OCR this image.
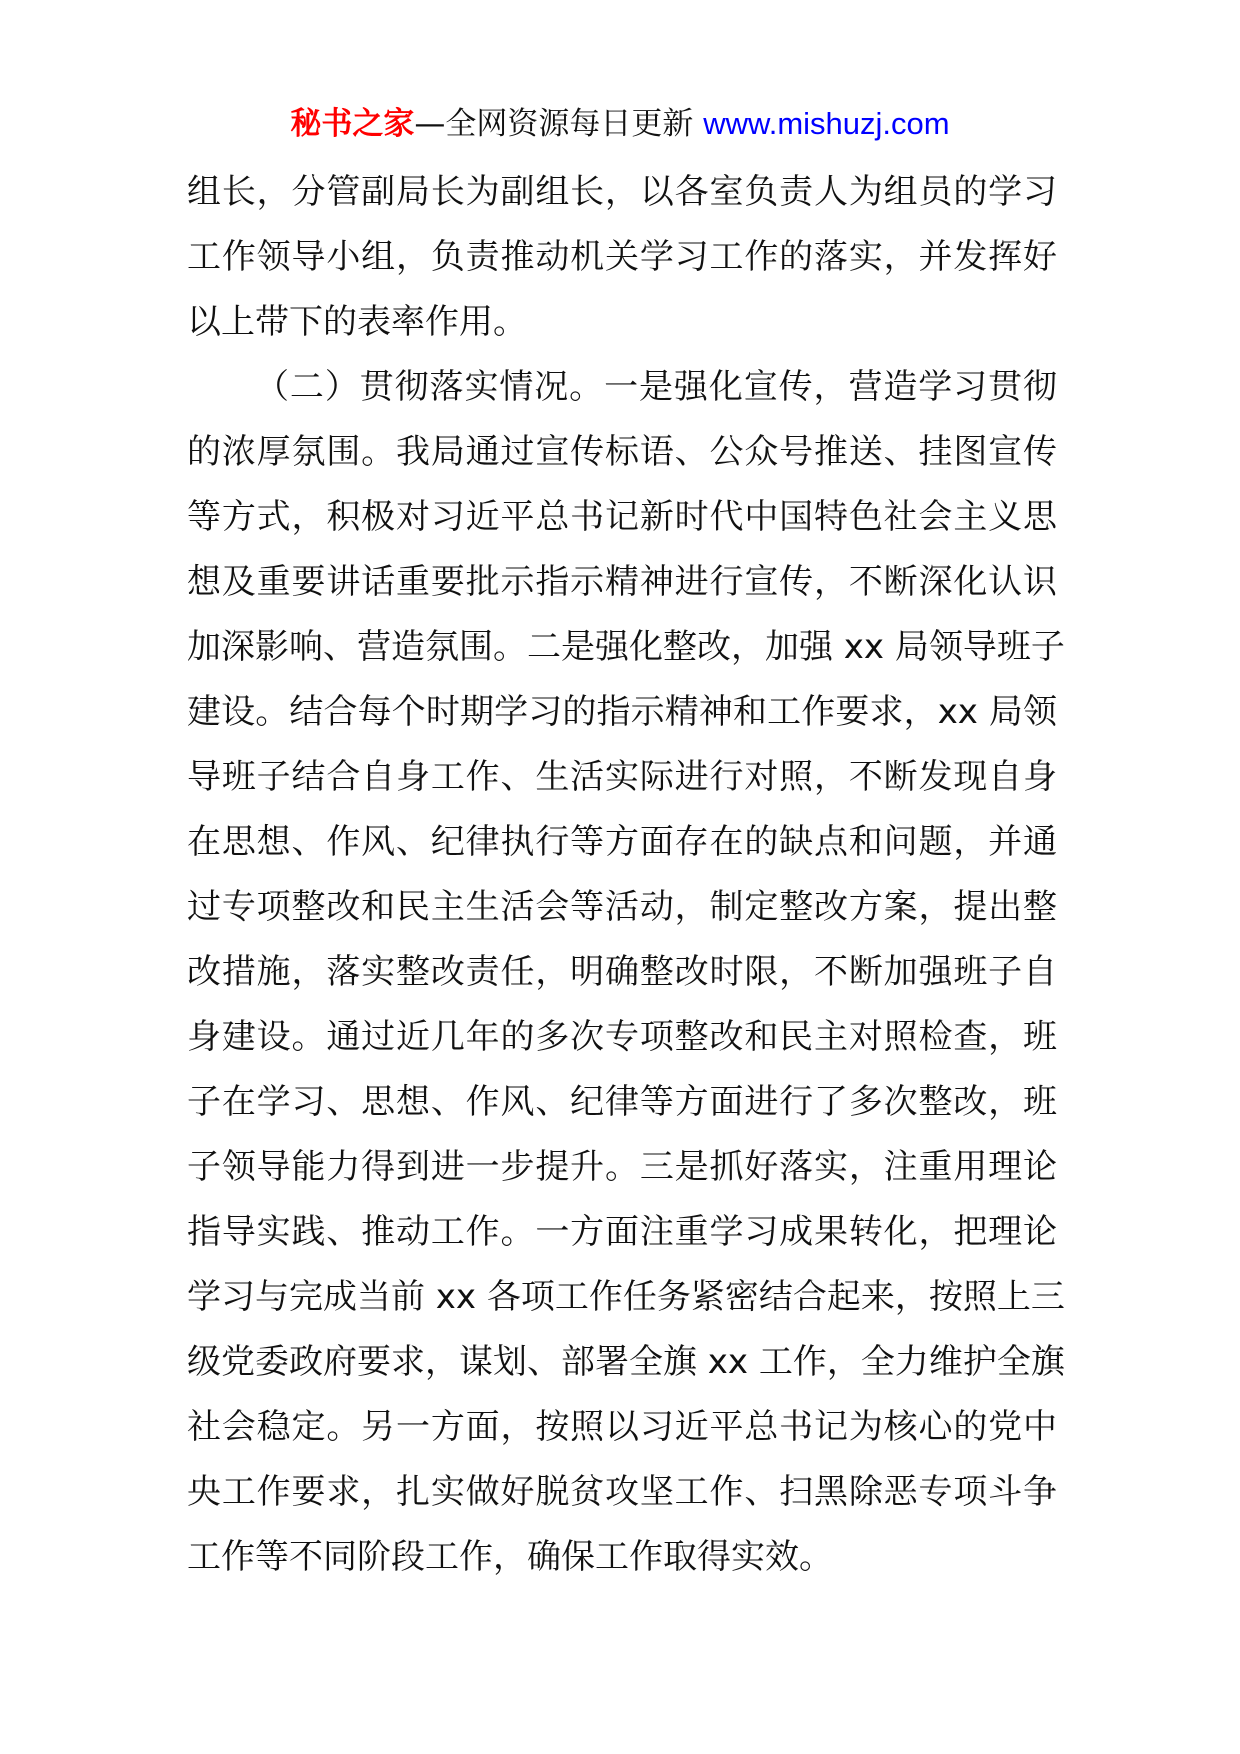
秘书之家—全网资源每日更新 www.mishuzj.com
组长，分管副局长为副组长，以各室负责人为组员的学习
工作领导小组，负责推动机关学习工作的落实，并发挥好
以上带下的表率作用。
（二）贯彻落实情况。一是强化宣传，营造学习贯彻
的浓厚氛围。我局通过宣传标语、公众号推送、挂图宣传
等方式，积极对习近平总书记新时代中国特色社会主义思
想及重要讲话重要批示指示精神进行宣传，不断深化认识
加深影响、营造氛围。二是强化整改，加强 xx 局领导班子
建设。结合每个时期学习的指示精神和工作要求，xx 局领
导班子结合自身工作、生活实际进行对照，不断发现自身
在思想、作风、纪律执行等方面存在的缺点和问题，并通
过专项整改和民主生活会等活动，制定整改方案，提出整
改措施，落实整改责任，明确整改时限，不断加强班子自
身建设。通过近几年的多次专项整改和民主对照检查，班
子在学习、思想、作风、纪律等方面进行了多次整改，班
子领导能力得到进一步提升。三是抓好落实，注重用理论
指导实践、推动工作。一方面注重学习成果转化，把理论
学习与完成当前 xx 各项工作任务紧密结合起来，按照上三
级党委政府要求，谋划、部署全旗 xx 工作，全力维护全旗
社会稳定。另一方面，按照以习近平总书记为核心的党中
央工作要求，扎实做好脱贫攻坚工作、扫黑除恶专项斗争
工作等不同阶段工作，确保工作取得实效。
